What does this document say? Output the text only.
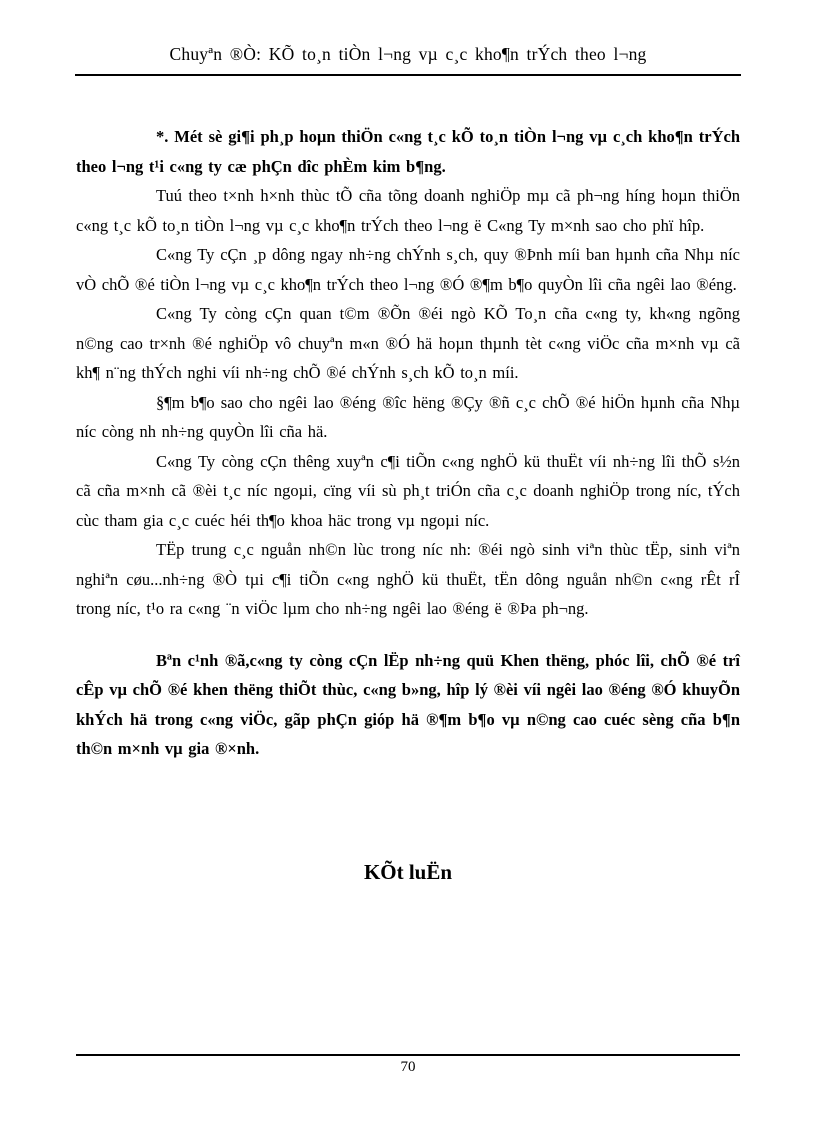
Chuyªn ®Ò: KÕ to¸n tiÒn l¬ng vµ c¸c kho¶n trÝch theo l¬ng

*. Mét sè gi¶i ph¸p hoµn thiÖn c«ng t¸c kÕ to¸n tiÒn l¬ng vµ c¸ch kho¶n trÝch theo l¬ng t¹i c«ng ty cæ phÇn dîc phÈm kim b¶ng.

Tuú theo t×nh h×nh thùc tÕ cña tõng doanh nghiÖp mµ cã ph¬ng híng hoµn thiÖn c«ng t¸c kÕ to¸n tiÒn l¬ng vµ c¸c kho¶n trÝch theo l¬ng ë C«ng Ty m×nh sao cho phï hîp.

C«ng Ty cÇn ¸p dông ngay nh÷ng chÝnh s¸ch, quy ®Þnh míi ban hµnh cña Nhµ níc vÒ chÕ ®é tiÒn l¬ng vµ c¸c kho¶n trÝch theo l¬ng ®Ó ®¶m b¶o quyÒn lîi cña ngêi lao ®éng.

C«ng Ty còng cÇn quan t©m ®Õn ®éi ngò KÕ To¸n cña c«ng ty, kh«ng ngõng n©ng cao tr×nh ®é nghiÖp vô chuyªn m«n ®Ó hä hoµn thµnh tèt c«ng viÖc cña m×nh vµ cã kh¶ n¨ng thÝch nghi víi nh÷ng chÕ ®é chÝnh s¸ch kÕ to¸n míi.

§¶m b¶o sao cho ngêi lao ®éng ®îc hëng ®Çy ®ñ c¸c chÕ ®é hiÖn hµnh cña Nhµ níc còng nh nh÷ng quyÒn lîi cña hä.

C«ng Ty còng cÇn thêng xuyªn c¶i tiÕn c«ng nghÖ kü thuËt víi nh÷ng lîi thÕ s½n cã cña m×nh cã ®èi t¸c níc ngoµi, cïng víi sù ph¸t triÓn cña c¸c doanh nghiÖp trong níc, tÝch cùc tham gia c¸c cuéc héi th¶o khoa häc trong vµ ngoµi níc.

TËp trung c¸c nguån nh©n lùc trong níc nh: ®éi ngò sinh viªn thùc tËp, sinh viªn nghiªn cøu...nh÷ng ®Ò tµi c¶i tiÕn c«ng nghÖ kü thuËt, tËn dông nguån nh©n c«ng rÊt rÎ trong níc, t¹o ra c«ng ¨n viÖc lµm cho nh÷ng ngêi lao ®éng ë ®Þa ph¬ng.

Bªn c¹nh ®ã,c«ng ty còng cÇn lËp nh÷ng quü Khen thëng, phóc lîi, chÕ ®é trî cÊp vµ chÕ ®é khen thëng thiÕt thùc, c«ng b»ng, hîp lý ®èi víi ngêi lao ®éng ®Ó khuyÕn khÝch hä trong c«ng viÖc, gãp phÇn gióp hä ®¶m b¶o vµ n©ng cao cuéc sèng cña b¶n th©n m×nh vµ gia ®×nh.

KÕt luËn
70
